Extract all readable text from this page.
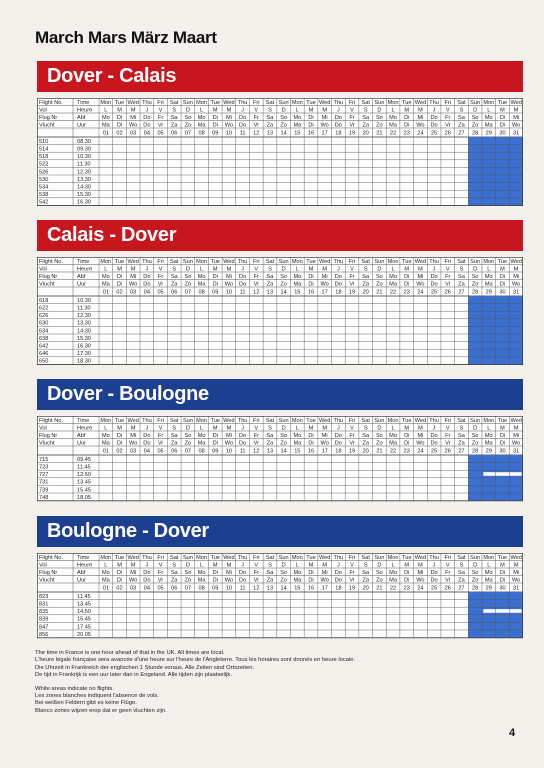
March Mars März Maart
Dover - Calais
Flight No.	Time Mon Tue Wed Thu Fri Sat Sun Mon Tue Wed Thu Fri Sat Sun Mon Tue Wed Thu Fri Sat Sun Mon Tue Wed Thu Fri Sat Sun Mon Tue Wed
Vol	Heure L M M J V S D L M M J V S D L M M J V S D L M M J V S D L M M
Flug Nr	Abf	Mo Di Mi Do Fr Sa So Mo Di Mi Do Fr Sa So Mo Di Mi Do Fr Sa So Mo Di Mi Do Fr Sa So Mo Di Mi
Vlucht	Uur	Ma Di Wo Do Vr Za Zo Ma Di Wo Do Vr Za Zo Ma Di Wo Do Vr Za Zo Ma Di Wo Do Vr Za Zo Ma Di Wo
01 02 03 04 05 06 07 08 09 10 11 12 13 14 15 16 17 18 19 20 21 22 23 24 25 26 27 28 29 30 31
510	08.30
514	09.30
518	10.30
522	11.30
526	12.30
530	13.30
534	14.30
538	15.30
542	16.30
Calais - Dover
Flight No.	Time Mon Tue Wed Thu Fri Sat Sun Mon Tue Wed Thu Fri Sat Sun Mon Tue Wed Thu Fri Sat Sun Mon Tue Wed Thu Fri Sat Sun Mon Tue Wed
Vol	Heure L M M J V S D L M M J V S D L M M J V S D L M M J V S D L M M
Flug Nr	Abf	Mo Di Mi Do Fr Sa So Mo Di Mi Do Fr Sa So Mo Di Mi Do Fr Sa So Mo Di Mi Do Fr Sa So Mo Di Mi
Vlucht	Uur	Ma Di Wo Do Vr Za Zo Ma Di Wo Do Vr Za Zo Ma Di Wo Do Vr Za Zo Ma Di Wo Do Vr Za Zo Ma Di Wo
01 02 03 04 05 06 07 08 09 10 11 12 13 14 15 16 17 18 19 20 21 22 23 24 25 26 27 28 29 30 31
618	10.30
622	11.30
626	12.30
630	13.30
634	14.30
638	15.30
642	16.30
646	17.30
650	18.30
Dover - Boulogne
Flight No.	Time Mon Tue Wed Thu Fri Sat Sun Mon Tue Wed Thu Fri Sat Sun Mon Tue Wed Thu Fri Sat Sun Mon Tue Wed Thu Fri Sat Sun Mon Tue Wed
Vol	Heure L M M J V S D L M M J V S D L M M J V S D L M M J V S D L M M
Flug Nr	Abf	Mo Di Mi Do Fr Sa So Mo Di Mi Do Fr Sa So Mo Di Mi Do Fr Sa So Mo Di Mi Do Fr Sa So Mo Di Mi
Vlucht	Uur	Ma Di Wo Do Vr Za Zo Ma Di Wo Do Vr Za Zo Ma Di Wo Do Vr Za Zo Ma Di Wo Do Vr Za Zo Ma Di Wo
01 02 03 04 05 06 07 08 09 10 11 12 13 14 15 16 17 18 19 20 21 22 23 24 25 26 27 28 29 30 31
715	09.45
723	11.45
727	12.50
731	13.45
739	15.45
748	18.05
Boulogne - Dover
Flight No.	Time Mon Tue Wed Thu Fri Sat Sun Mon Tue Wed Thu Fri Sat Sun Mon Tue Wed Thu Fri Sat Sun Mon Tue Wed Thu Fri Sat Sun Mon Tue Wed
Vol	Heure L M M J V S D L M M J V S D L M M J V S D L M M J V S D L M M
Flug Nr	Abf	Mo Di Mi Do Fr Sa So Mo Di Mi Do Fr Sa So Mo Di Mi Do Fr Sa So Mo Di Mi Do Fr Sa So Mo Di Mi
Vlucht	Uur	Ma Di Wo Do Vr Za Zo Ma Di Wo Do Vr Za Zo Ma Di Wo Do Vr Za Zo Ma Di Wo Do Vr Za Zo Ma Di Wo
01 02 03 04 05 06 07 08 09 10 11 12 13 14 15 16 17 18 19 20 21 22 23 24 25 26 27 28 29 30 31
823	11.45
831	13.45
835	14.50
839	15.45
847	17.45
856	20.05

The time in France is one hour ahead of that in the UK. All times are local.
L'heure légale française sera avancée d'une heure sur l'heure de l'Angleterre. Tous les horaires sont donnés en heure locale.
Die Uhrzeit in Frankreich der englischen 1 Stunde voraus. Alle Zeiten sind Ortszeiten.
De tijd in Frankrijk is een uur later dan in Engeland. Alle tijden zijn plaatselijk.

White areas indicate no flights.
Les zones blanches indiquent l'absence de vols.
Bei weißen Feldern gibt es keine Flüge.
Blanco zones wijzen erop dat er geen vluchten zijn.

4
